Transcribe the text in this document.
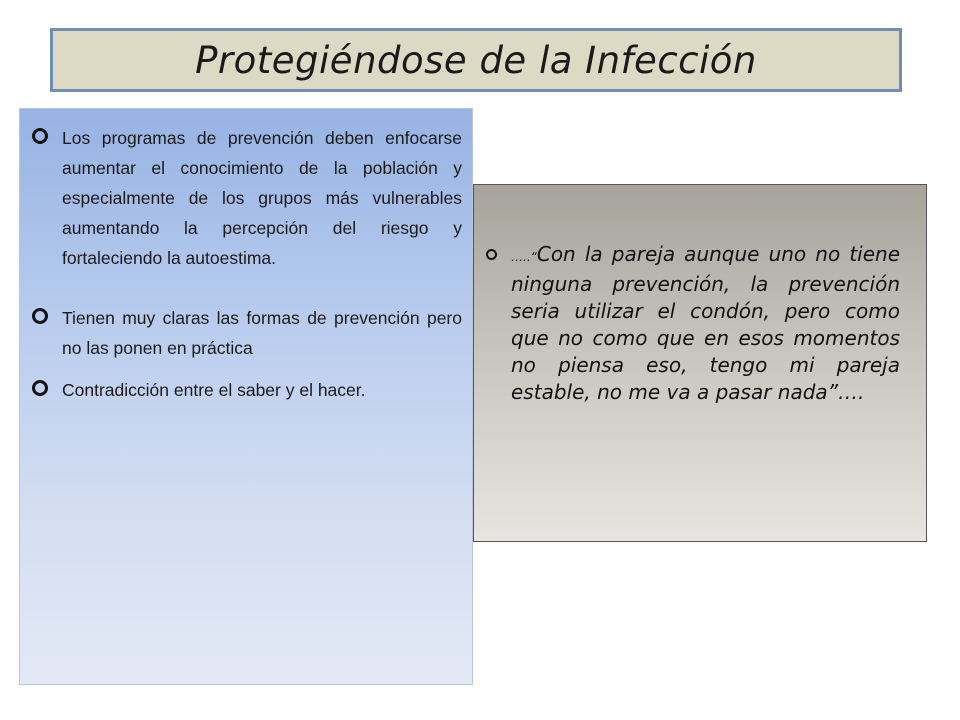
Protegiéndose de la Infección
Los programas de prevención deben enfocarse aumentar el conocimiento de la población y especialmente de los grupos más vulnerables aumentando la percepción del riesgo y fortaleciendo la autoestima.
Tienen muy claras las formas de prevención pero no las ponen en práctica
Contradicción entre el saber y el hacer.
…..“Con la pareja aunque uno no tiene ninguna prevención, la prevención seria utilizar el condón, pero como que no como que en esos momentos no piensa eso, tengo mi pareja estable, no me va a pasar nada”….
